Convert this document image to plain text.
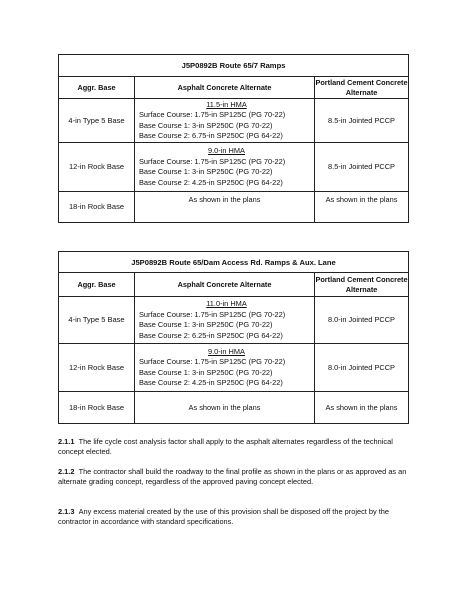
J5P0892B Route 65/7 Ramps		
Aggr. Base	Asphalt Concrete Alternate	Portland Cement Concrete Alternate
4-in Type 5 Base	11.5-in HMA
Surface Course: 1.75-in SP125C (PG 70-22)
Base Course 1: 3-in SP250C (PG 70-22)
Base Course 2: 6.75-in SP250C (PG 64-22)	8.5-in Jointed PCCP
12-in Rock Base	9.0-in HMA
Surface Course: 1.75-in SP125C (PG 70-22)
Base Course 1: 3-in SP250C (PG 70-22)
Base Course 2: 4.25-in SP250C (PG 64-22)	8.5-in Jointed PCCP
18-in Rock Base	As shown in the plans	As shown in the plans
J5P0892B Route 65/Dam Access Rd. Ramps & Aux. Lane		
Aggr. Base	Asphalt Concrete Alternate	Portland Cement Concrete Alternate
4-in Type 5 Base	11.0-in HMA
Surface Course: 1.75-in SP125C (PG 70-22)
Base Course 1: 3-in SP250C (PG 70-22)
Base Course 2: 6.25-in SP250C (PG 64-22)	8.0-in Jointed PCCP
12-in Rock Base	9.0-in HMA
Surface Course: 1.75-in SP125C (PG 70-22)
Base Course 1: 3-in SP250C (PG 70-22)
Base Course 2: 4.25-in SP250C (PG 64-22)	8.0-in Jointed PCCP
18-in Rock Base	As shown in the plans	As shown in the plans
2.1.1 The life cycle cost analysis factor shall apply to the asphalt alternates regardless of the technical concept elected.
2.1.2 The contractor shall build the roadway to the final profile as shown in the plans or as approved as an alternate grading concept, regardless of the approved paving concept elected.
2.1.3 Any excess material created by the use of this provision shall be disposed off the project by the contractor in accordance with standard specifications.
